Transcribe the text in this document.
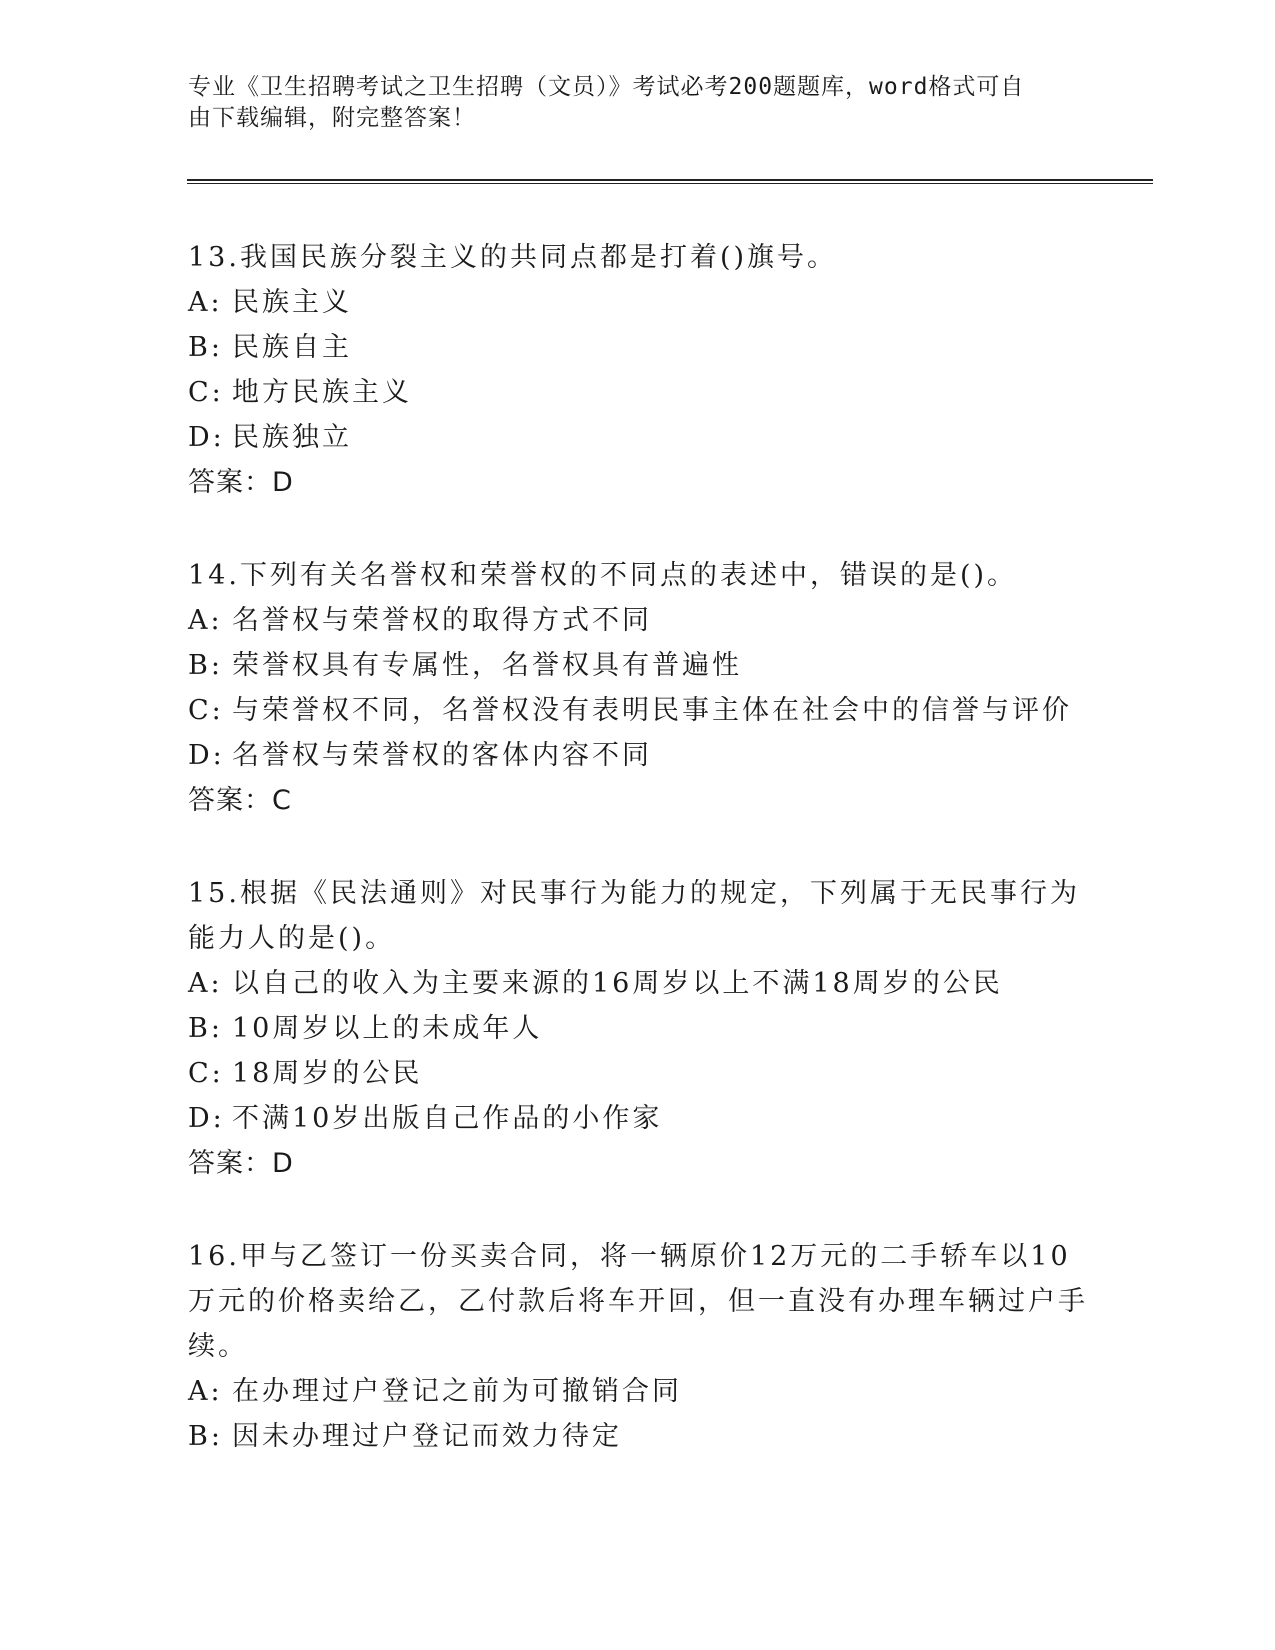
专业《卫生招聘考试之卫生招聘（文员）》考试必考200题题库，word格式可自
由下载编辑，附完整答案！

13.我国民族分裂主义的共同点都是打着()旗号。

A: 民族主义

B: 民族自主

C: 地方民族主义

D: 民族独立

答案：D

14.下列有关名誉权和荣誉权的不同点的表述中，错误的是()。

A: 名誉权与荣誉权的取得方式不同

B: 荣誉权具有专属性，名誉权具有普遍性

C: 与荣誉权不同，名誉权没有表明民事主体在社会中的信誉与评价

D: 名誉权与荣誉权的客体内容不同

答案：C

15.根据《民法通则》对民事行为能力的规定，下列属于无民事行为能力人的是()。

A: 以自己的收入为主要来源的16周岁以上不满18周岁的公民

B: 10周岁以上的未成年人

C: 18周岁的公民

D: 不满10岁出版自己作品的小作家

答案：D

16.甲与乙签订一份买卖合同，将一辆原价12万元的二手轿车以10万元的价格卖给乙，乙付款后将车开回，但一直没有办理车辆过户手续。

A: 在办理过户登记之前为可撤销合同

B: 因未办理过户登记而效力待定
